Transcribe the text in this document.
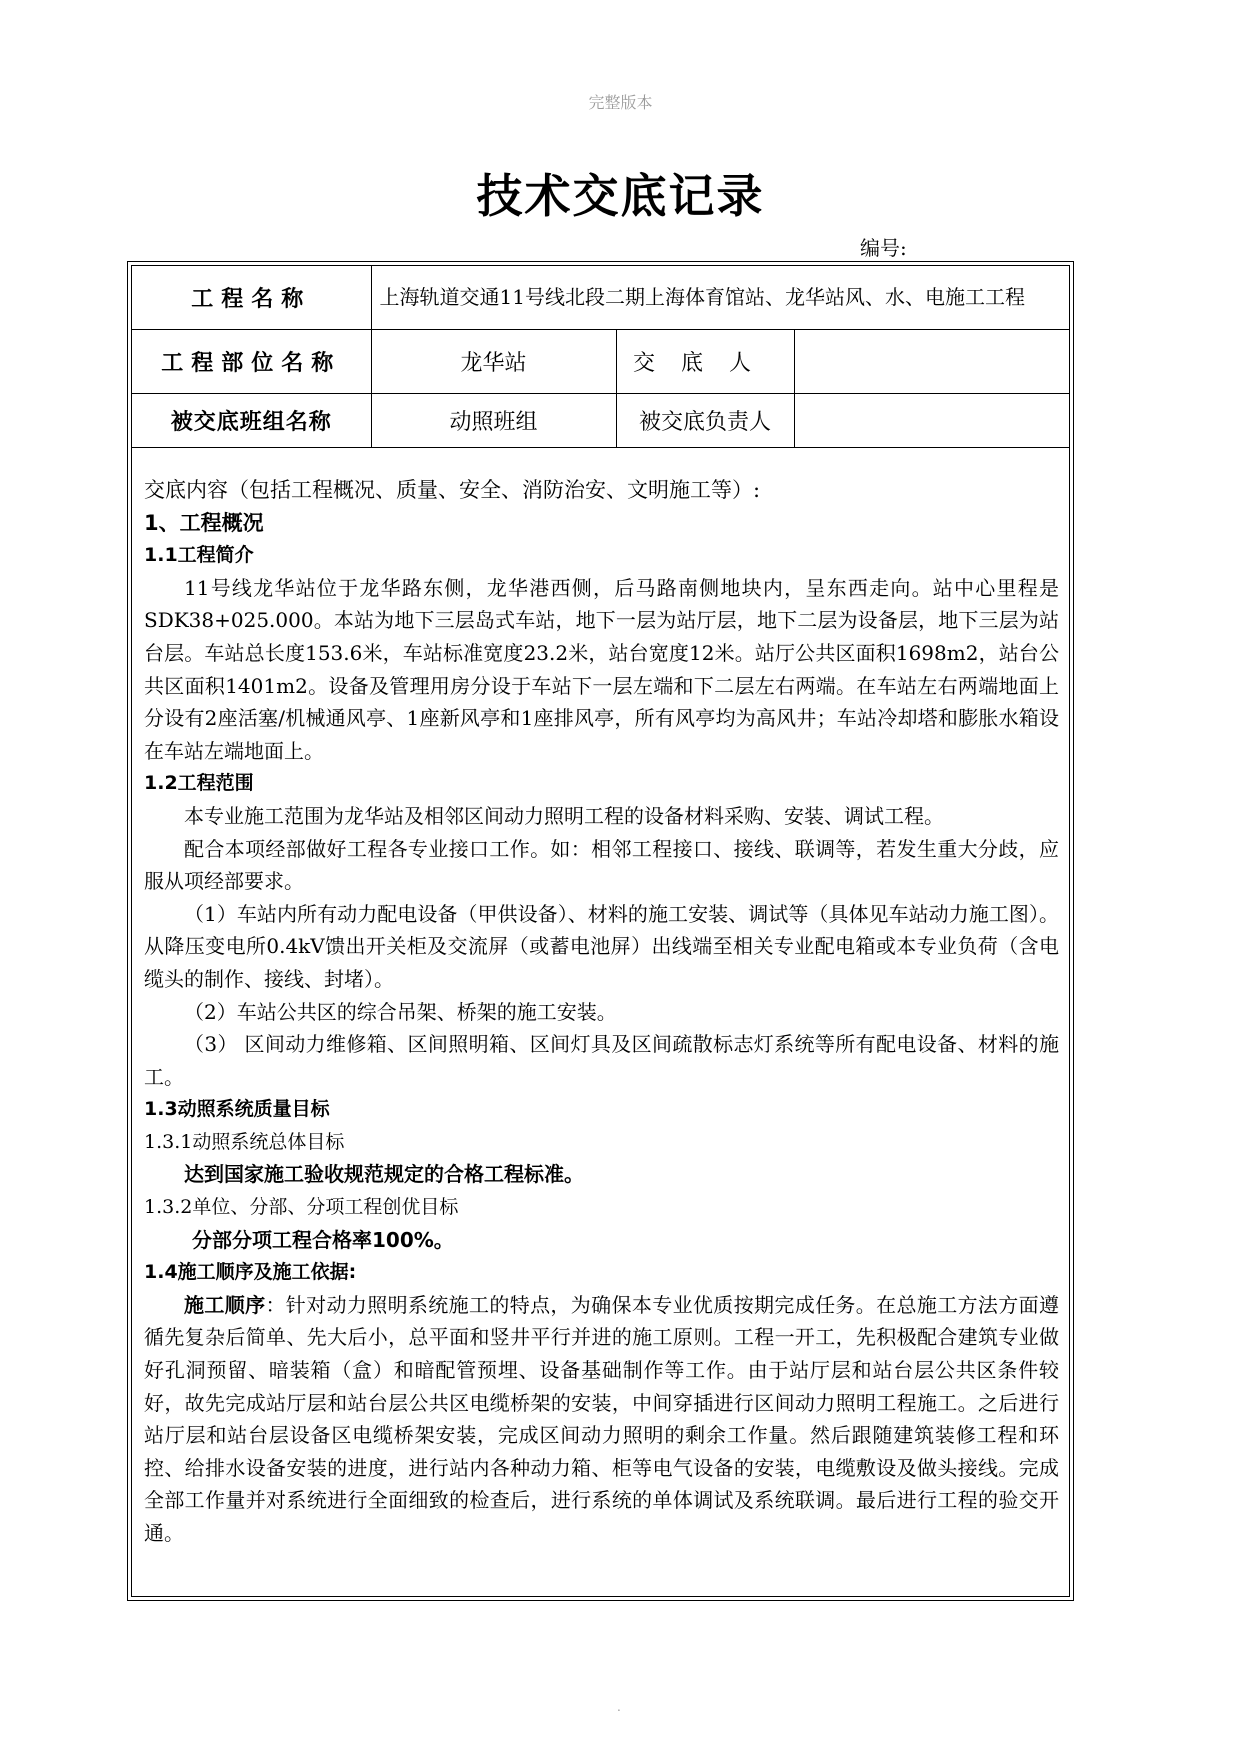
完整版本
技术交底记录
编号:
工程名称	上海轨道交通11号线北段二期上海体育馆站、龙华站风、水、电施工工程		
工程部位名称	龙华站	交底人	
被交底班组名称	动照班组	被交底负责人	

交底内容（包括工程概况、质量、安全、消防治安、文明施工等）:

1、工程概况

1.1工程简介

11号线龙华站位于龙华路东侧，龙华港西侧，后马路南侧地块内，呈东西走向。站中心里程是SDK38+025.000。本站为地下三层岛式车站，地下一层为站厅层，地下二层为设备层，地下三层为站台层。车站总长度153.6米，车站标准宽度23.2米，站台宽度12米。站厅公共区面积1698m2，站台公共区面积1401m2。设备及管理用房分设于车站下一层左端和下二层左右两端。在车站左右两端地面上分设有2座活塞/机械通风亭、1座新风亭和1座排风亭，所有风亭均为高风井；车站冷却塔和膨胀水箱设在车站左端地面上。

1.2工程范围

本专业施工范围为龙华站及相邻区间动力照明工程的设备材料采购、安装、调试工程。

配合本项经部做好工程各专业接口工作。如：相邻工程接口、接线、联调等，若发生重大分歧，应服从项经部要求。

（1）车站内所有动力配电设备（甲供设备）、材料的施工安装、调试等（具体见车站动力施工图）。从降压变电所0.4kV馈出开关柜及交流屏（或蓄电池屏）出线端至相关专业配电箱或本专业负荷（含电缆头的制作、接线、封堵）。

（2）车站公共区的综合吊架、桥架的施工安装。

（3） 区间动力维修箱、区间照明箱、区间灯具及区间疏散标志灯系统等所有配电设备、材料的施工。

1.3动照系统质量目标

1.3.1动照系统总体目标

达到国家施工验收规范规定的合格工程标准。

1.3.2单位、分部、分项工程创优目标

分部分项工程合格率100%。

1.4施工顺序及施工依据:

施工顺序：针对动力照明系统施工的特点，为确保本专业优质按期完成任务。在总施工方法方面遵循先复杂后简单、先大后小，总平面和竖井平行并进的施工原则。工程一开工，先积极配合建筑专业做好孔洞预留、暗装箱（盒）和暗配管预埋、设备基础制作等工作。由于站厅层和站台层公共区条件较好，故先完成站厅层和站台层公共区电缆桥架的安装，中间穿插进行区间动力照明工程施工。之后进行站厅层和站台层设备区电缆桥架安装，完成区间动力照明的剩余工作量。然后跟随建筑装修工程和环控、给排水设备安装的进度，进行站内各种动力箱、柜等电气设备的安装，电缆敷设及做头接线。完成全部工作量并对系统进行全面细致的检查后，进行系统的单体调试及系统联调。最后进行工程的验交开通。

.
